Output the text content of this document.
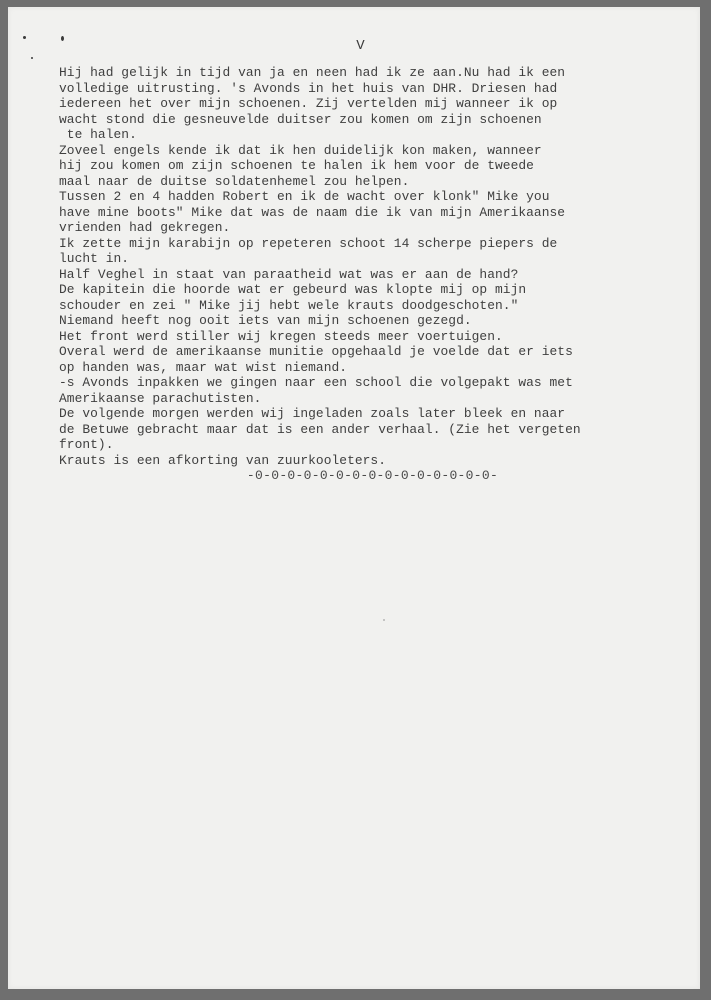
V

Hij had gelijk in tijd van ja en neen had ik ze aan.Nu had ik een
volledige uitrusting. 's Avonds in het huis van DHR. Driesen had
iedereen het over mijn schoenen. Zij vertelden mij wanneer ik op
wacht stond die gesneuvelde duitser zou komen om zijn schoenen
te halen.
Zoveel engels kende ik dat ik hen duidelijk kon maken, wanneer
hij zou komen om zijn schoenen te halen ik hem voor de tweede
maal naar de duitse soldatenhemel zou helpen.
Tussen 2 en 4 hadden Robert en ik de wacht over klonk" Mike you
have mine boots" Mike dat was de naam die ik van mijn Amerikaanse
vrienden had gekregen.
Ik zette mijn karabijn op repeteren schoot 14 scherpe piepers de
lucht in.
Half Veghel in staat van paraatheid wat was er aan de hand?
De kapitein die hoorde wat er gebeurd was klopte mij op mijn
schouder en zei " Mike jij hebt wele krauts doodgeschoten."
Niemand heeft nog ooit iets van mijn schoenen gezegd.
Het front werd stiller wij kregen steeds meer voertuigen.
Overal werd de amerikaanse munitie opgehaald je voelde dat er iets
op handen was, maar wat wist niemand.
-s Avonds inpakken we gingen naar een school die volgepakt was met
Amerikaanse parachutisten.
De volgende morgen werden wij ingeladen zoals later bleek en naar
de Betuwe gebracht maar dat is een ander verhaal. (Zie het vergeten
front).
Krauts is een afkorting van zuurkooleters.

-0-0-0-0-0-0-0-0-0-0-0-0-0-0-0-
